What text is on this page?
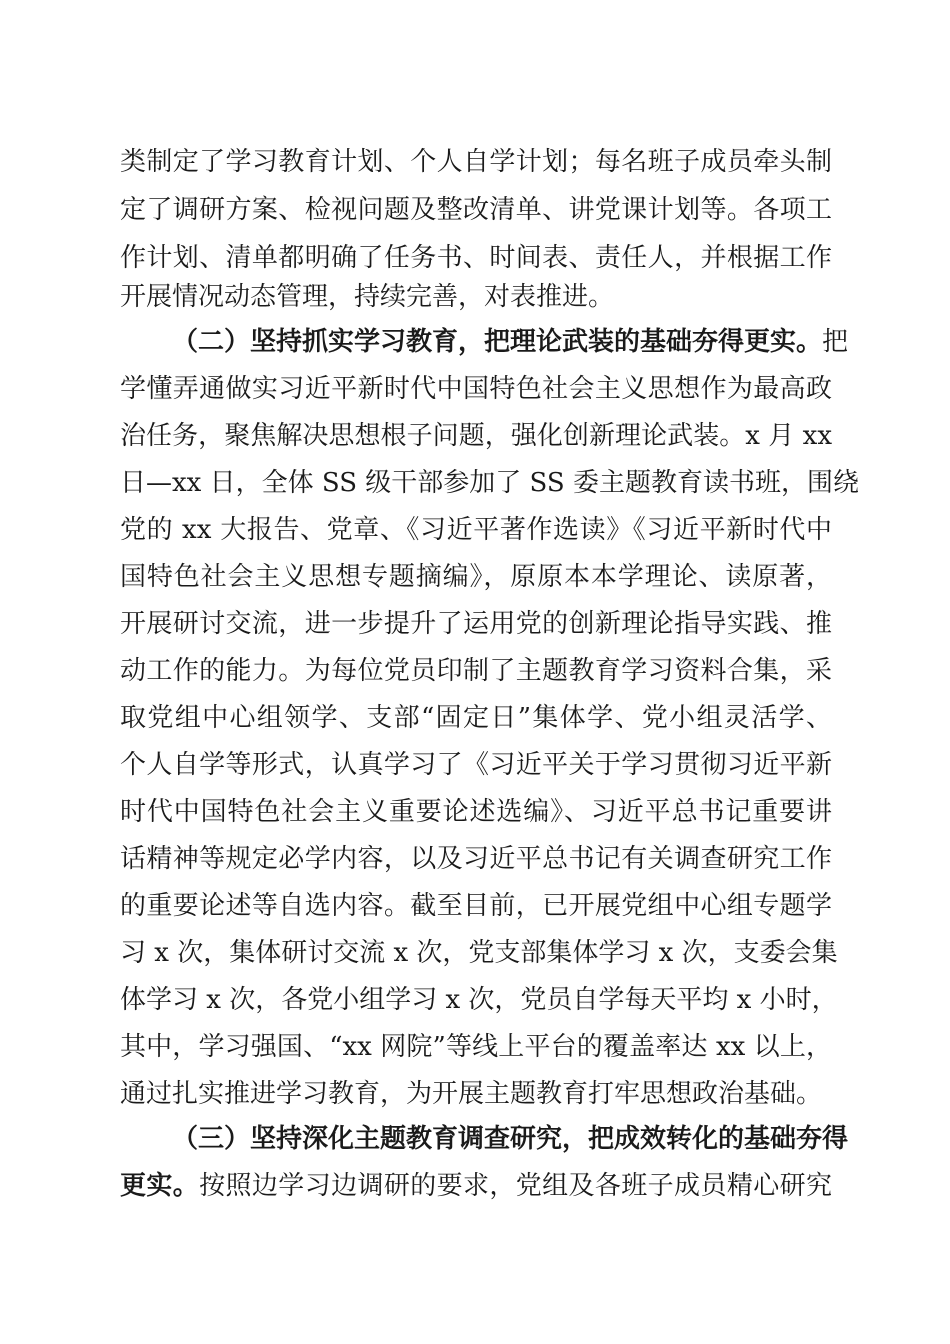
类制定了学习教育计划、个人自学计划；每名班子成员牵头制
定了调研方案、检视问题及整改清单、讲党课计划等。各项工
作计划、清单都明确了任务书、时间表、责任人，并根据工作
开展情况动态管理，持续完善，对表推进。
（二）坚持抓实学习教育，把理论武装的基础夯得更实。把
学懂弄通做实习近平新时代中国特色社会主义思想作为最高政
治任务，聚焦解决思想根子问题，强化创新理论武装。x 月 xx
日—xx 日，全体 SS 级干部参加了 SS 委主题教育读书班，围绕
党的 xx 大报告、党章、《习近平著作选读》《习近平新时代中
国特色社会主义思想专题摘编》，原原本本学理论、读原著，
开展研讨交流，进一步提升了运用党的创新理论指导实践、推
动工作的能力。为每位党员印制了主题教育学习资料合集，采
取党组中心组领学、支部“固定日”集体学、党小组灵活学、
个人自学等形式，认真学习了《习近平关于学习贯彻习近平新
时代中国特色社会主义重要论述选编》、习近平总书记重要讲
话精神等规定必学内容，以及习近平总书记有关调查研究工作
的重要论述等自选内容。截至目前，已开展党组中心组专题学
习 x 次，集体研讨交流 x 次，党支部集体学习 x 次，支委会集
体学习 x 次，各党小组学习 x 次，党员自学每天平均 x 小时，
其中，学习强国、“xx 网院”等线上平台的覆盖率达 xx 以上，
通过扎实推进学习教育，为开展主题教育打牢思想政治基础。
（三）坚持深化主题教育调查研究，把成效转化的基础夯得
更实。按照边学习边调研的要求，党组及各班子成员精心研究
